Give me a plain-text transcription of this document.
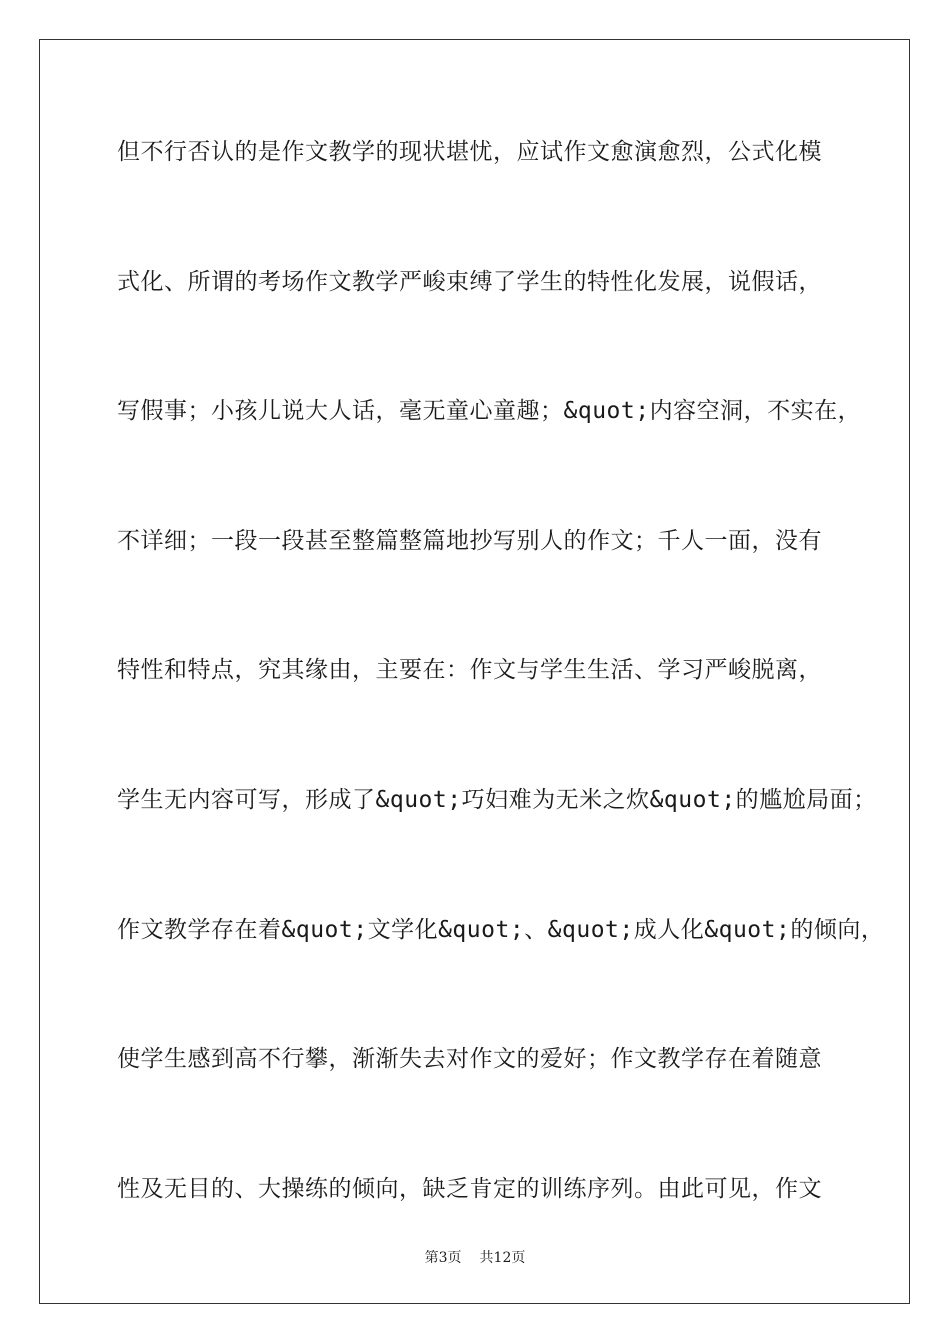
但不行否认的是作文教学的现状堪忧，应试作文愈演愈烈，公式化模
式化、所谓的考场作文教学严峻束缚了学生的特性化发展，说假话，
写假事；小孩儿说大人话，毫无童心童趣；&quot;内容空洞，不实在，
不详细；一段一段甚至整篇整篇地抄写别人的作文；千人一面，没有
特性和特点，究其缘由，主要在：作文与学生生活、学习严峻脱离，
学生无内容可写，形成了&quot;巧妇难为无米之炊&quot;的尴尬局面；
作文教学存在着&quot;文学化&quot;、&quot;成人化&quot;的倾向，
使学生感到高不行攀，渐渐失去对作文的爱好；作文教学存在着随意
性及无目的、大操练的倾向，缺乏肯定的训练序列。由此可见，作文
第3页 共12页
